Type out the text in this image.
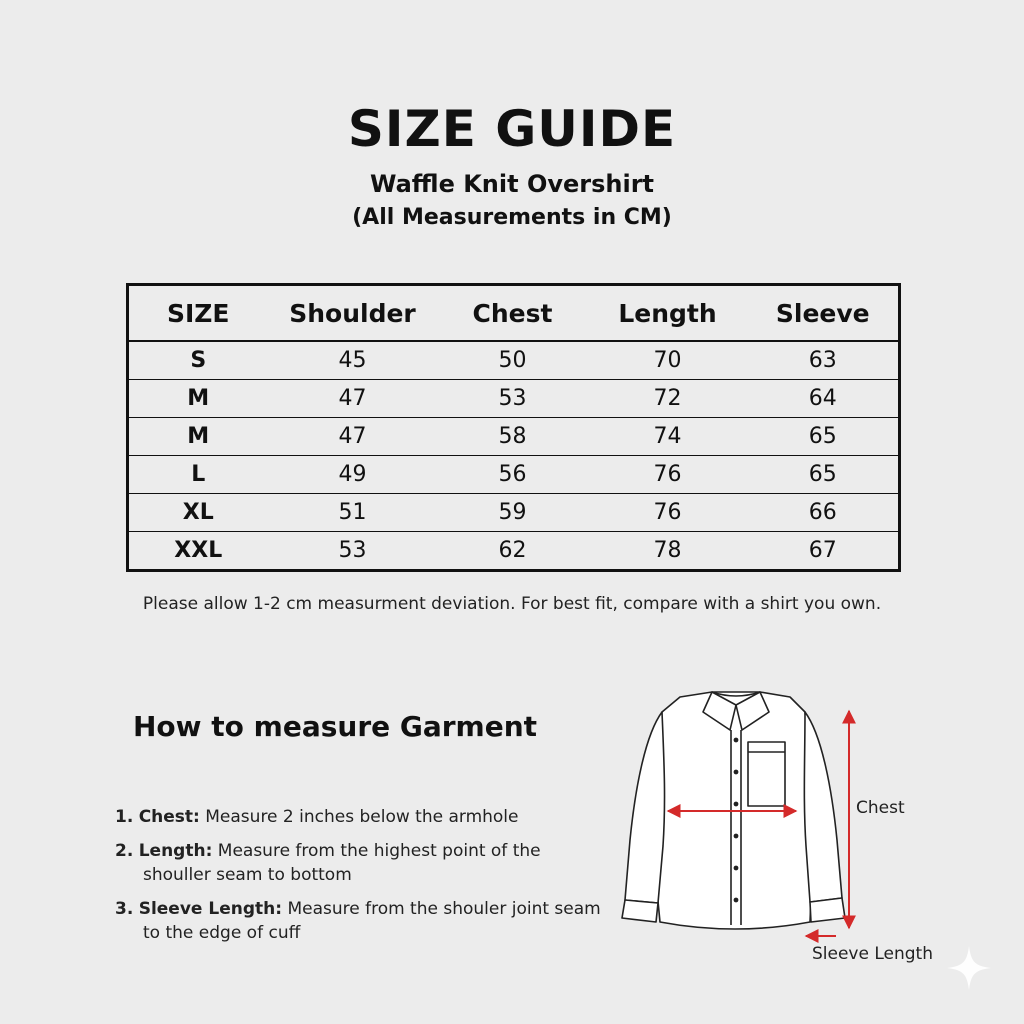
SIZE GUIDE
Waffle Knit Overshirt
(All Measurements in CM)
SIZE	Shoulder	Chest	Length	Sleeve
S	45	50	70	63
M	47	53	72	64
M	47	58	74	65
L	49	56	76	65
XL	51	59	76	66
XXL	53	62	78	67
Please allow 1-2 cm measurment deviation. For best fit, compare with a shirt you own.
How to measure Garment
1. Chest: Measure 2 inches below the armhole
2. Length: Measure from the highest point of the
shouller seam to bottom
3. Sleeve Length: Measure from the shouler joint seam
to the edge of cuff
Chest
Sleeve Length
